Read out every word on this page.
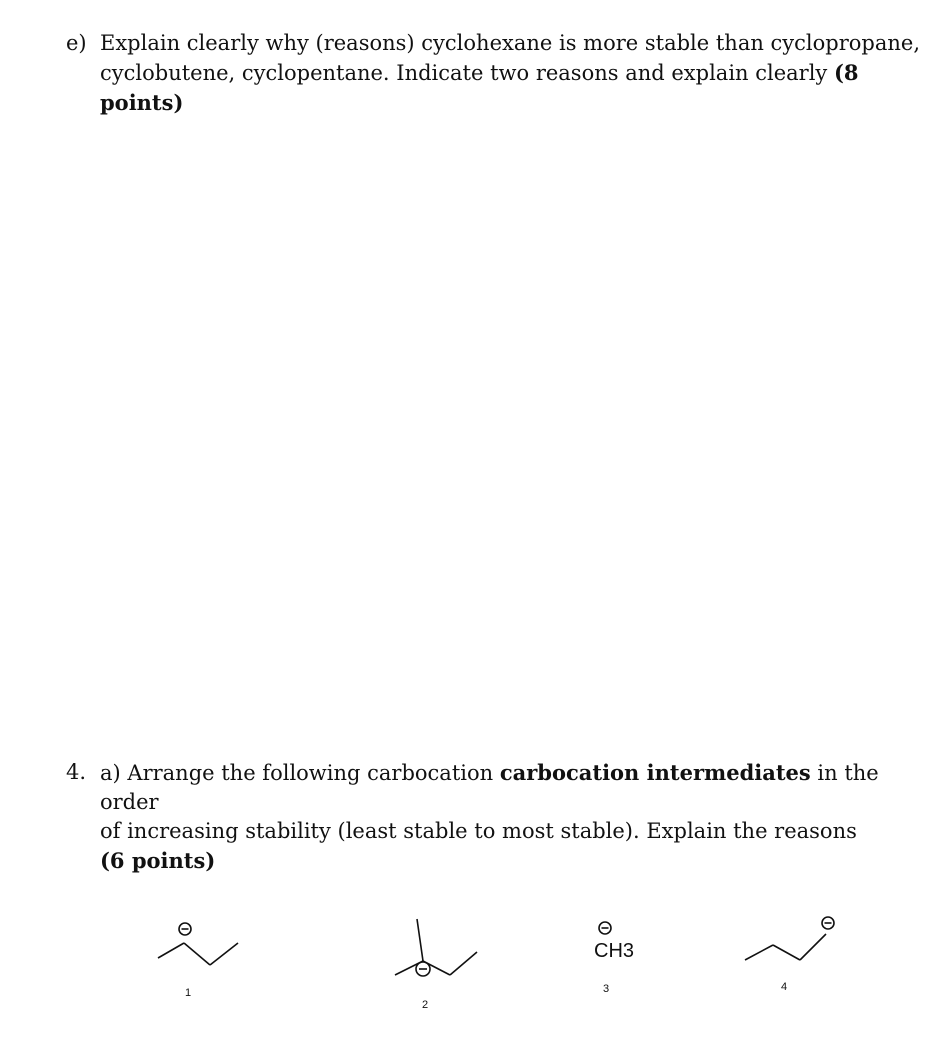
e) Explain clearly why (reasons) cyclohexane is more stable than cyclopropane,
cyclobutene, cyclopentane. Indicate two reasons and explain clearly (8 points)
4. a) Arrange the following carbocation carbocation intermediates in the order
of increasing stability (least stable to most stable). Explain the reasons
(6 points)
1
2
CH3
3	4
